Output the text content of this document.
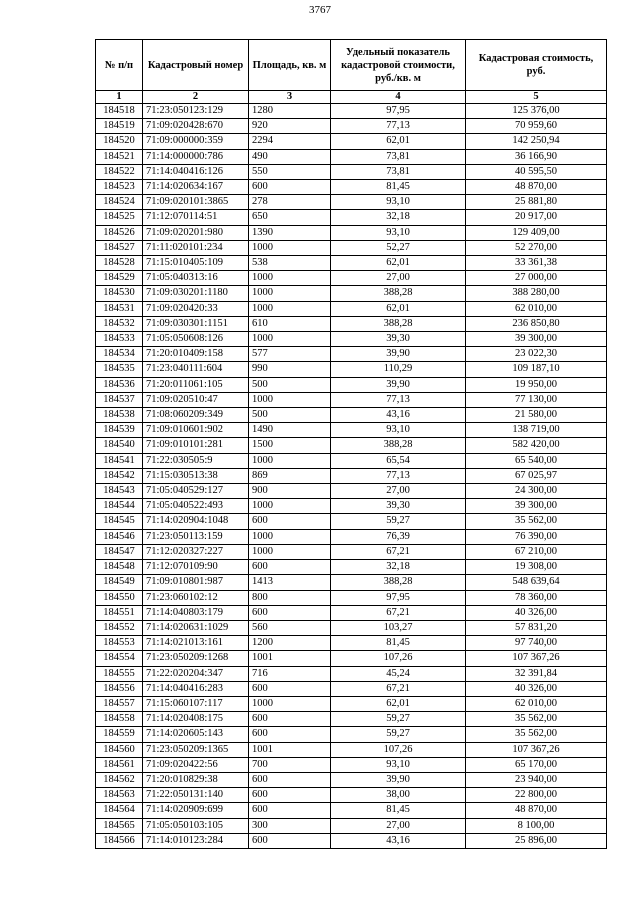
3767
№ п/п	Кадастровый номер	Площадь, кв. м	Удельный показатель кадастровой стоимости, руб./кв. м	Кадастровая стоимость, руб.
1	2	3	4	5
184518	71:23:050123:129	1280	97,95	125 376,00
184519	71:09:020428:670	920	77,13	70 959,60
184520	71:09:000000:359	2294	62,01	142 250,94
184521	71:14:000000:786	490	73,81	36 166,90
184522	71:14:040416:126	550	73,81	40 595,50
184523	71:14:020634:167	600	81,45	48 870,00
184524	71:09:020101:3865	278	93,10	25 881,80
184525	71:12:070114:51	650	32,18	20 917,00
184526	71:09:020201:980	1390	93,10	129 409,00
184527	71:11:020101:234	1000	52,27	52 270,00
184528	71:15:010405:109	538	62,01	33 361,38
184529	71:05:040313:16	1000	27,00	27 000,00
184530	71:09:030201:1180	1000	388,28	388 280,00
184531	71:09:020420:33	1000	62,01	62 010,00
184532	71:09:030301:1151	610	388,28	236 850,80
184533	71:05:050608:126	1000	39,30	39 300,00
184534	71:20:010409:158	577	39,90	23 022,30
184535	71:23:040111:604	990	110,29	109 187,10
184536	71:20:011061:105	500	39,90	19 950,00
184537	71:09:020510:47	1000	77,13	77 130,00
184538	71:08:060209:349	500	43,16	21 580,00
184539	71:09:010601:902	1490	93,10	138 719,00
184540	71:09:010101:281	1500	388,28	582 420,00
184541	71:22:030505:9	1000	65,54	65 540,00
184542	71:15:030513:38	869	77,13	67 025,97
184543	71:05:040529:127	900	27,00	24 300,00
184544	71:05:040522:493	1000	39,30	39 300,00
184545	71:14:020904:1048	600	59,27	35 562,00
184546	71:23:050113:159	1000	76,39	76 390,00
184547	71:12:020327:227	1000	67,21	67 210,00
184548	71:12:070109:90	600	32,18	19 308,00
184549	71:09:010801:987	1413	388,28	548 639,64
184550	71:23:060102:12	800	97,95	78 360,00
184551	71:14:040803:179	600	67,21	40 326,00
184552	71:14:020631:1029	560	103,27	57 831,20
184553	71:14:021013:161	1200	81,45	97 740,00
184554	71:23:050209:1268	1001	107,26	107 367,26
184555	71:22:020204:347	716	45,24	32 391,84
184556	71:14:040416:283	600	67,21	40 326,00
184557	71:15:060107:117	1000	62,01	62 010,00
184558	71:14:020408:175	600	59,27	35 562,00
184559	71:14:020605:143	600	59,27	35 562,00
184560	71:23:050209:1365	1001	107,26	107 367,26
184561	71:09:020422:56	700	93,10	65 170,00
184562	71:20:010829:38	600	39,90	23 940,00
184563	71:22:050131:140	600	38,00	22 800,00
184564	71:14:020909:699	600	81,45	48 870,00
184565	71:05:050103:105	300	27,00	8 100,00
184566	71:14:010123:284	600	43,16	25 896,00
